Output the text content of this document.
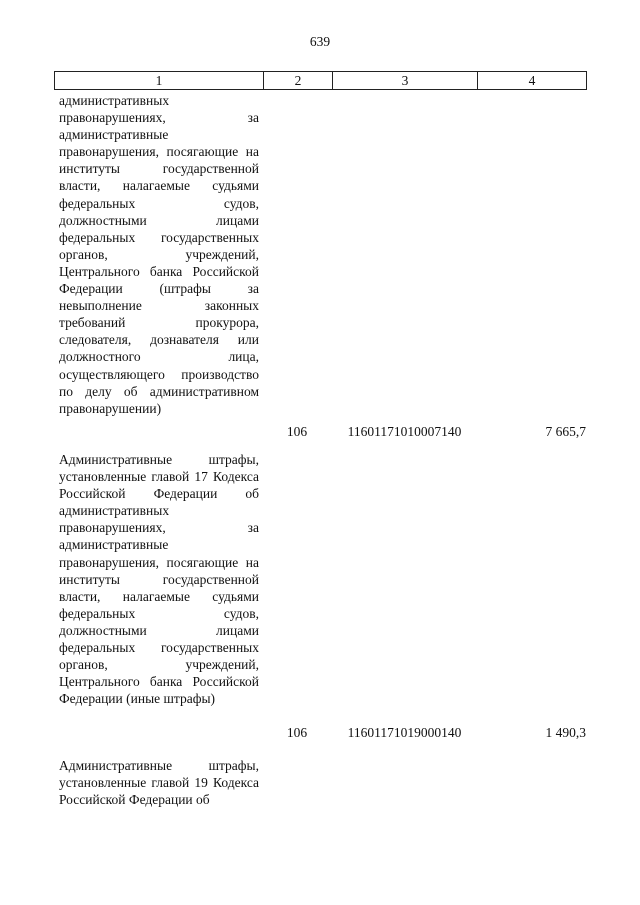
639
1	2	3	4
административных правонарушениях, за административные правонарушения, посягающие на институты государственной власти, налагаемые судьями федеральных судов, должностными лицами федеральных государственных органов, учреждений, Центрального банка Российской Федерации (штрафы за невыполнение законных требований прокурора, следователя, дознавателя или должностного лица, осуществляющего производство по делу об административном правонарушении)
106	11601171010007140	7 665,7
Административные штрафы, установленные главой 17 Кодекса Российской Федерации об административных правонарушениях, за административные правонарушения, посягающие на институты государственной власти, налагаемые судьями федеральных судов, должностными лицами федеральных государственных органов, учреждений, Центрального банка Российской Федерации (иные штрафы)
106	11601171019000140	1 490,3
Административные штрафы, установленные главой 19 Кодекса Российской Федерации об
